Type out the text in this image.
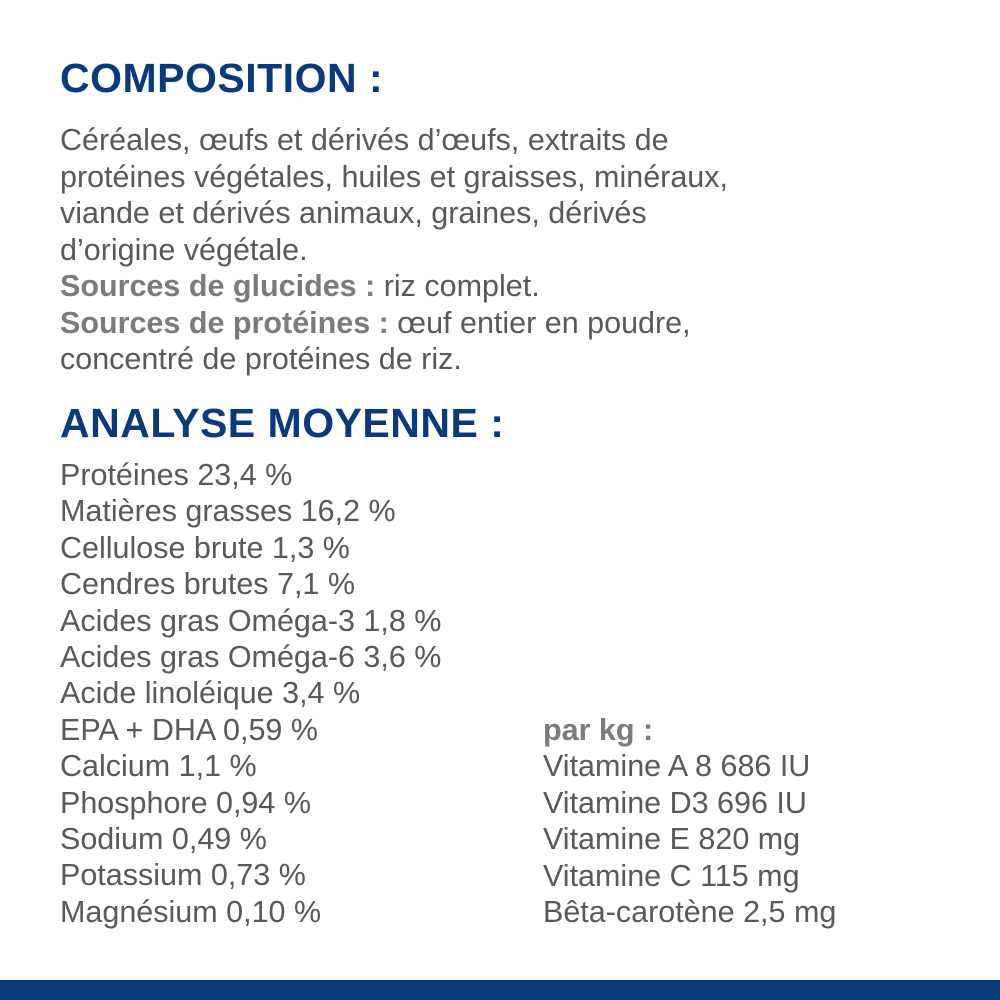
COMPOSITION :
Céréales, œufs et dérivés d’œufs, extraits de
protéines végétales, huiles et graisses, minéraux,
viande et dérivés animaux, graines, dérivés
d’origine végétale.
Sources de glucides : riz complet.
Sources de protéines : œuf entier en poudre,
concentré de protéines de riz.
ANALYSE MOYENNE :
Protéines 23,4 %
Matières grasses 16,2 %
Cellulose brute 1,3 %
Cendres brutes 7,1 %
Acides gras Oméga-3 1,8 %
Acides gras Oméga-6 3,6 %
Acide linoléique 3,4 %
EPA + DHA 0,59 %
Calcium 1,1 %
Phosphore 0,94 %
Sodium 0,49 %
Potassium 0,73 %
Magnésium 0,10 %
par kg :
Vitamine A 8 686 IU
Vitamine D3 696 IU
Vitamine E 820 mg
Vitamine C 115 mg
Bêta-carotène 2,5 mg
